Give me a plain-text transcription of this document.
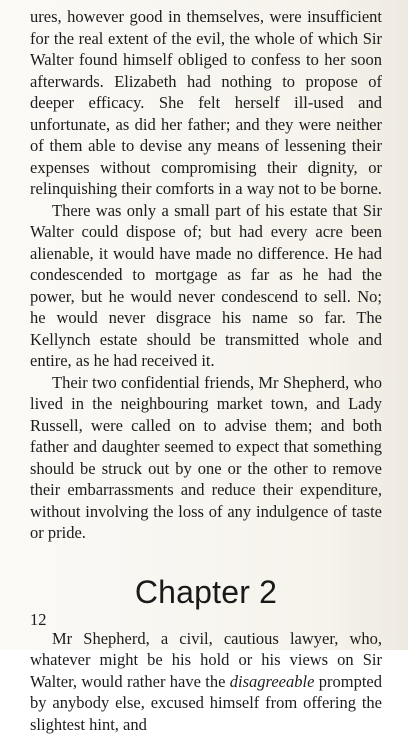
ures, however good in themselves, were insufficient for the real extent of the evil, the whole of which Sir Walter found himself obliged to confess to her soon afterwards. Elizabeth had nothing to propose of deeper efficacy. She felt herself ill-used and unfortunate, as did her father; and they were neither of them able to devise any means of lessening their expenses without compromising their dignity, or relinquishing their comforts in a way not to be borne.

There was only a small part of his estate that Sir Walter could dispose of; but had every acre been alienable, it would have made no difference. He had condescended to mortgage as far as he had the power, but he would never condescend to sell. No; he would never disgrace his name so far. The Kellynch estate should be transmitted whole and entire, as he had received it.

Their two confidential friends, Mr Shepherd, who lived in the neighbouring market town, and Lady Russell, were called on to advise them; and both father and daughter seemed to expect that something should be struck out by one or the other to remove their embarrassments and reduce their expenditure, without involving the loss of any indulgence of taste or pride.

Chapter 2

Mr Shepherd, a civil, cautious lawyer, who, whatever might be his hold or his views on Sir Walter, would rather have the disagreeable prompted by anybody else, excused himself from offering the slightest hint, and

12
